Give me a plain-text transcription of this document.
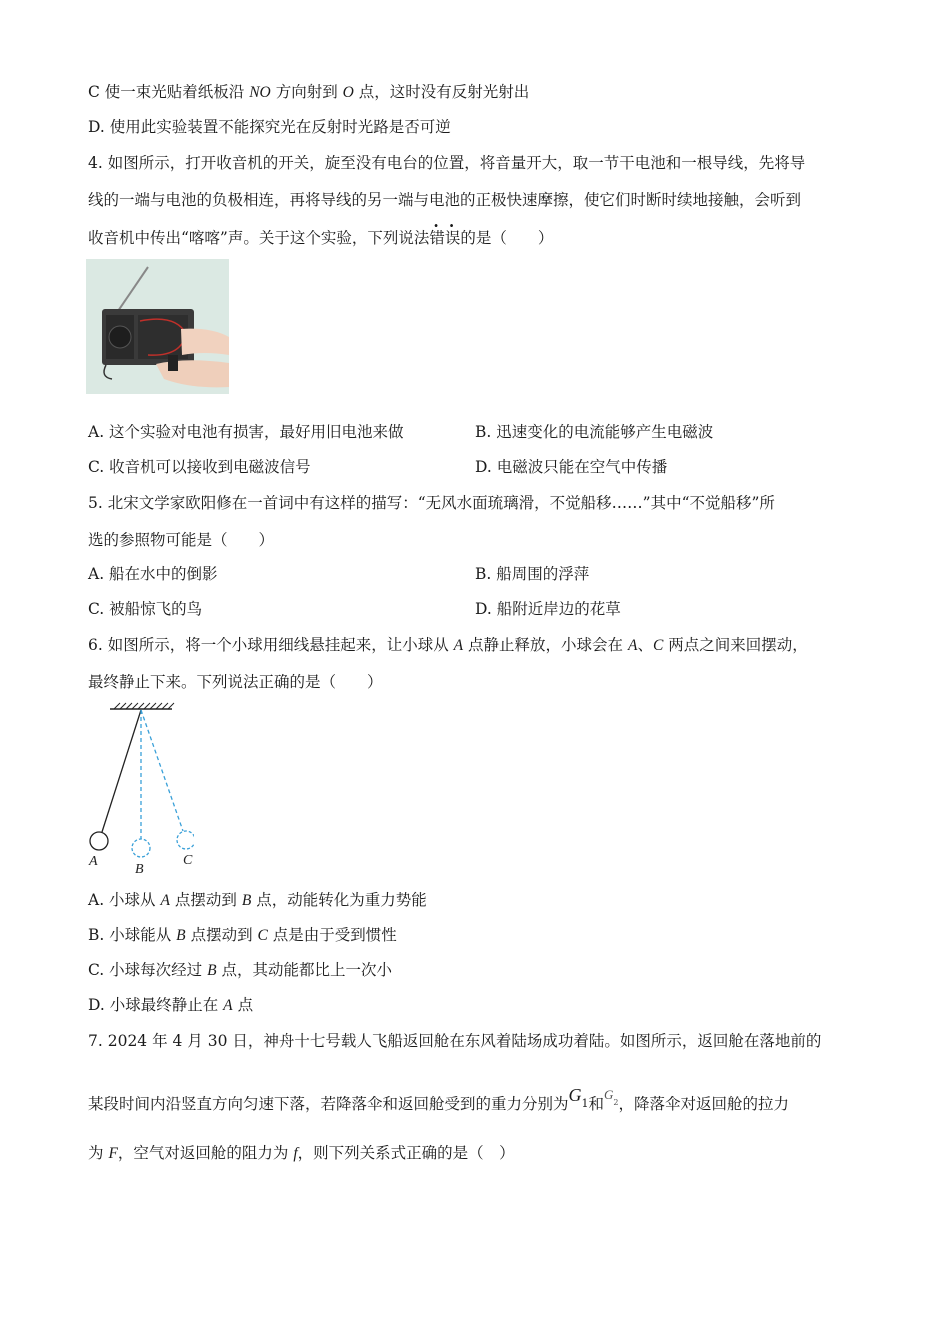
C 使一束光贴着纸板沿 NO 方向射到 O 点，这时没有反射光射出
D. 使用此实验装置不能探究光在反射时光路是否可逆
4. 如图所示，打开收音机的开关，旋至没有电台的位置，将音量开大，取一节干电池和一根导线，先将导
线的一端与电池的负极相连，再将导线的另一端与电池的正极快速摩擦，使它们时断时续地接触，会听到
收音机中传出“喀喀”声。关于这个实验，下列说法错误的是（　　）
A. 这个实验对电池有损害，最好用旧电池来做	B. 迅速变化的电流能够产生电磁波
C. 收音机可以接收到电磁波信号	D. 电磁波只能在空气中传播
5. 北宋文学家欧阳修在一首词中有这样的描写：“无风水面琉璃滑，不觉船移……”其中“不觉船移”所
选的参照物可能是（　　）
A. 船在水中的倒影	B. 船周围的浮萍
C. 被船惊飞的鸟	D. 船附近岸边的花草
6. 如图所示，将一个小球用细线悬挂起来，让小球从 A 点静止释放，小球会在 A、C 两点之间来回摆动，
最终静止下来。下列说法正确的是（　　）
A
B
C
A. 小球从 A 点摆动到 B 点，动能转化为重力势能
B. 小球能从 B 点摆动到 C 点是由于受到惯性
C. 小球每次经过 B 点，其动能都比上一次小
D. 小球最终静止在 A 点
7. 2024 年 4 月 30 日，神舟十七号载人飞船返回舱在东风着陆场成功着陆。如图所示，返回舱在落地前的
某段时间内沿竖直方向匀速下落，若降落伞和返回舱受到的重力分别为$G_1$和$^G_2$，降落伞对返回舱的拉力
为 F，空气对返回舱的阻力为 f，则下列关系式正确的是（　）
